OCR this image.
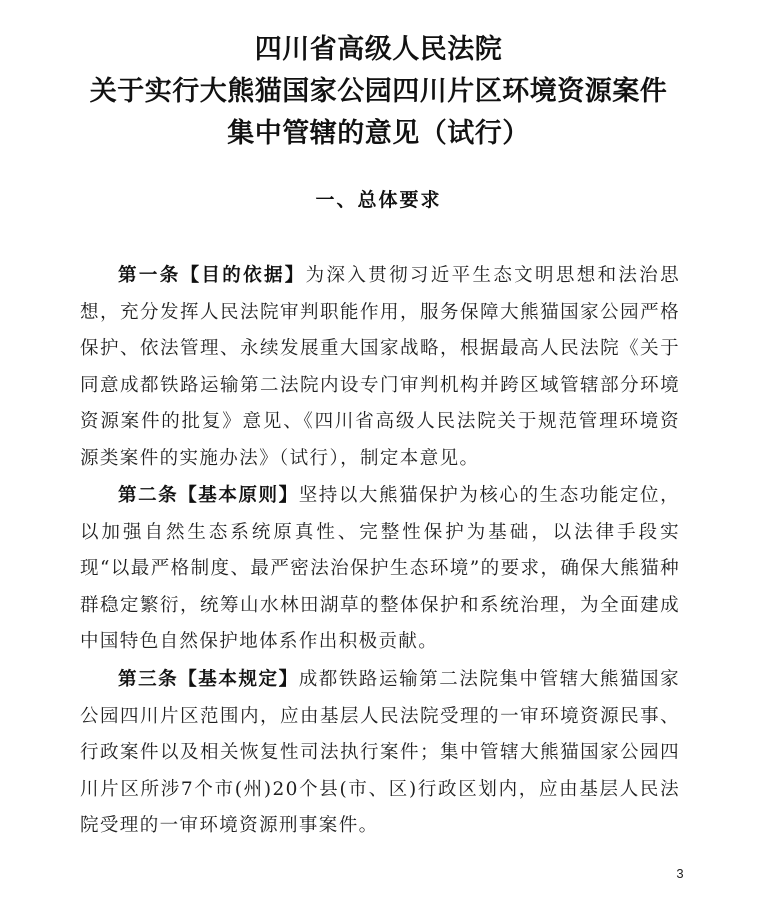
四川省高级人民法院
关于实行大熊猫国家公园四川片区环境资源案件
集中管辖的意见（试行）
一、总体要求
第一条【目的依据】为深入贯彻习近平生态文明思想和法治思想，充分发挥人民法院审判职能作用，服务保障大熊猫国家公园严格保护、依法管理、永续发展重大国家战略，根据最高人民法院《关于同意成都铁路运输第二法院内设专门审判机构并跨区域管辖部分环境资源案件的批复》意见、《四川省高级人民法院关于规范管理环境资源类案件的实施办法》（试行），制定本意见。
第二条【基本原则】坚持以大熊猫保护为核心的生态功能定位，以加强自然生态系统原真性、完整性保护为基础，以法律手段实现“以最严格制度、最严密法治保护生态环境”的要求，确保大熊猫种群稳定繁衍，统筹山水林田湖草的整体保护和系统治理，为全面建成中国特色自然保护地体系作出积极贡献。
第三条【基本规定】成都铁路运输第二法院集中管辖大熊猫国家公园四川片区范围内，应由基层人民法院受理的一审环境资源民事、行政案件以及相关恢复性司法执行案件；集中管辖大熊猫国家公园四川片区所涉7个市(州)20个县(市、区)行政区划内，应由基层人民法院受理的一审环境资源刑事案件。
3
